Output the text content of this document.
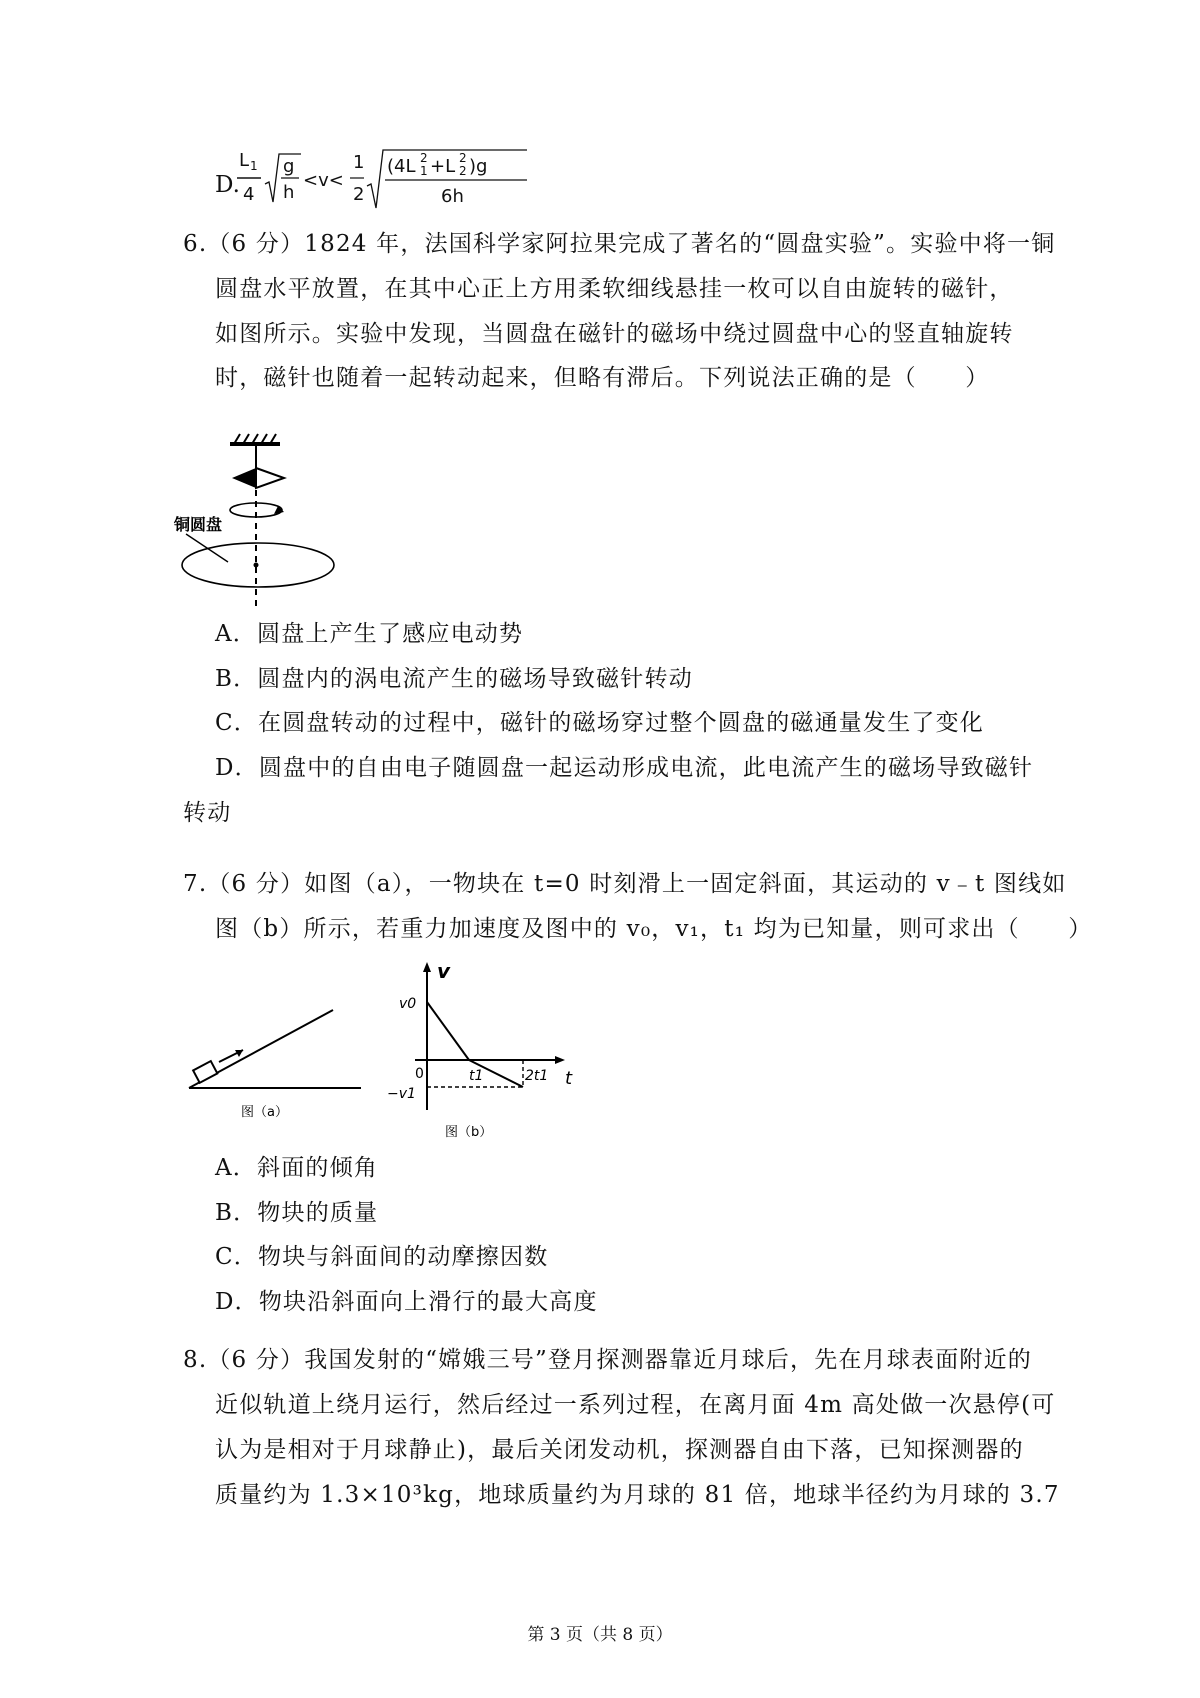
D.
L 1
4
g
h
<v<
1
2
(4L 2
1 +L 2
2 )g
6h
6.（6 分）1824 年，法国科学家阿拉果完成了著名的“圆盘实验”。实验中将一铜
圆盘水平放置，在其中心正上方用柔软细线悬挂一枚可以自由旋转的磁针，
如图所示。实验中发现，当圆盘在磁针的磁场中绕过圆盘中心的竖直轴旋转
时，磁针也随着一起转动起来，但略有滞后。下列说法正确的是（　　）
铜圆盘
A．圆盘上产生了感应电动势
B．圆盘内的涡电流产生的磁场导致磁针转动
C．在圆盘转动的过程中，磁针的磁场穿过整个圆盘的磁通量发生了变化
D．圆盘中的自由电子随圆盘一起运动形成电流，此电流产生的磁场导致磁针
转动
7.（6 分）如图（a），一物块在 t=0 时刻滑上一固定斜面，其运动的 v﹣t 图线如
图（b）所示，若重力加速度及图中的 v₀，v₁，t₁ 均为已知量，则可求出（　　）
图（a）
v
t
v0
0
−v1
t1	2t1
图（b）
A．斜面的倾角
B．物块的质量
C．物块与斜面间的动摩擦因数
D．物块沿斜面向上滑行的最大高度
8.（6 分）我国发射的“嫦娥三号”登月探测器靠近月球后，先在月球表面附近的
近似轨道上绕月运行，然后经过一系列过程，在离月面 4m 高处做一次悬停(可
认为是相对于月球静止)，最后关闭发动机，探测器自由下落，已知探测器的
质量约为 1.3×10³kg，地球质量约为月球的 81 倍，地球半径约为月球的 3.7
第 3 页（共 8 页）
